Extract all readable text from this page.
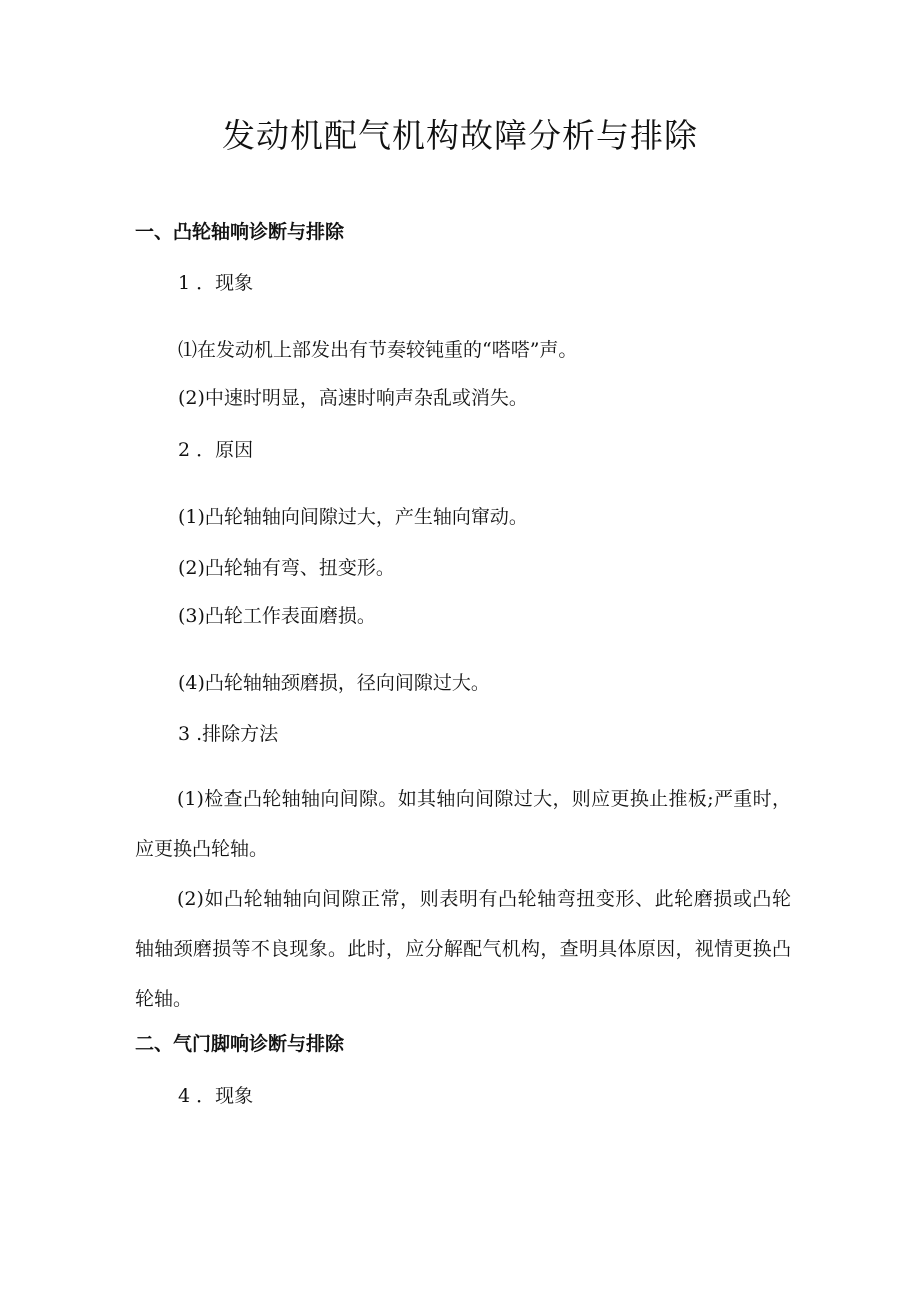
发动机配气机构故障分析与排除
一、凸轮轴响诊断与排除
1 ．现象
⑴在发动机上部发出有节奏较钝重的“嗒嗒”声。
(2)中速时明显，高速时响声杂乱或消失。
2 ．原因
(1)凸轮轴轴向间隙过大，产生轴向窜动。
(2)凸轮轴有弯、扭变形。
(3)凸轮工作表面磨损。
(4)凸轮轴轴颈磨损，径向间隙过大。
3 .排除方法
(1)检查凸轮轴轴向间隙。如其轴向间隙过大，则应更换止推板;严重时，应更换凸轮轴。
(2)如凸轮轴轴向间隙正常，则表明有凸轮轴弯扭变形、此轮磨损或凸轮轴轴颈磨损等不良现象。此时，应分解配气机构，查明具体原因，视情更换凸轮轴。
二、气门脚响诊断与排除
4 ．现象
